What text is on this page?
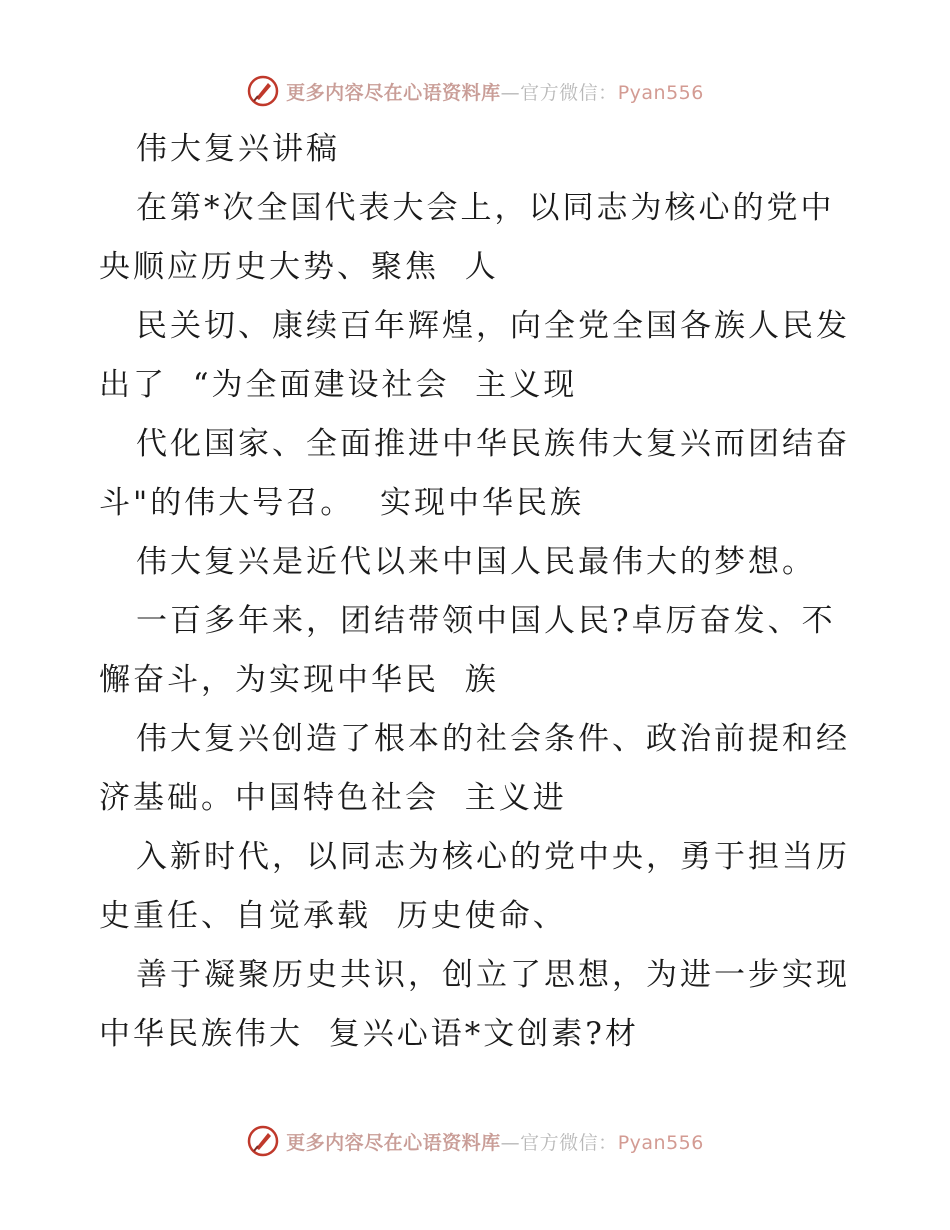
更多内容尽在心语资料库—官方微信：Pyan556

伟大复兴讲稿

在第*次全国代表大会上，以同志为核心的党中

央顺应历史大势、聚焦  人

民关切、康续百年辉煌，向全党全国各族人民发

出了  “为全面建设社会  主义现

代化国家、全面推进中华民族伟大复兴而团结奋

斗"的伟大号召。  实现中华民族

伟大复兴是近代以来中国人民最伟大的梦想。

一百多年来，团结带领中国人民?卓厉奋发、不

懈奋斗，为实现中华民  族

伟大复兴创造了根本的社会条件、政治前提和经

济基础。中国特色社会  主义进

入新时代，以同志为核心的党中央，勇于担当历

史重任、自觉承载  历史使命、

善于凝聚历史共识，创立了思想，为进一步实现

中华民族伟大  复兴心语*文创素?材

更多内容尽在心语资料库—官方微信：Pyan556
